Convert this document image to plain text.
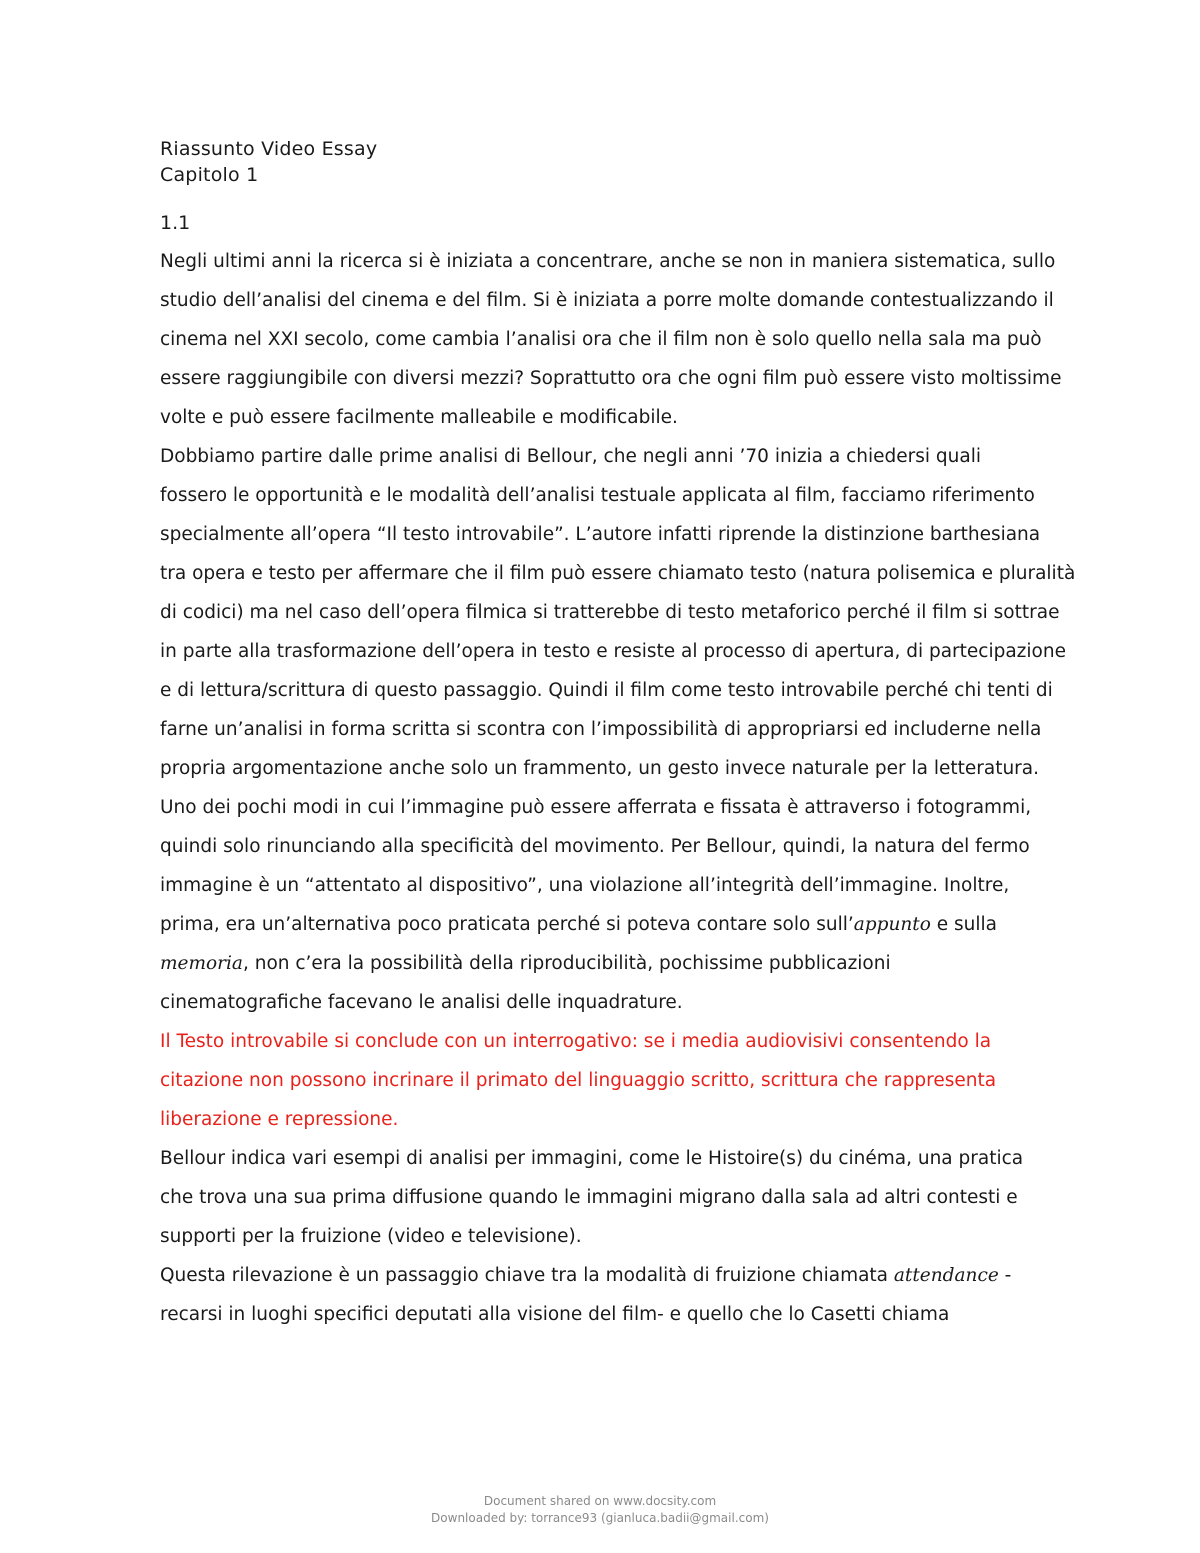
Riassunto Video Essay

Capitolo 1

1.1

Negli ultimi anni la ricerca si è iniziata a concentrare, anche se non in maniera sistematica, sullo
studio dell’analisi del cinema e del film. Si è iniziata a porre molte domande contestualizzando il
cinema nel XXI secolo, come cambia l’analisi ora che il film non è solo quello nella sala ma può
essere raggiungibile con diversi mezzi? Soprattutto ora che ogni film può essere visto moltissime
volte e può essere facilmente malleabile e modificabile.

Dobbiamo partire dalle prime analisi di Bellour, che negli anni ’70 inizia a chiedersi quali
fossero le opportunità e le modalità dell’analisi testuale applicata al film, facciamo riferimento
specialmente all’opera “Il testo introvabile”. L’autore infatti riprende la distinzione barthesiana
tra opera e testo per affermare che il film può essere chiamato testo (natura polisemica e pluralità
di codici) ma nel caso dell’opera filmica si tratterebbe di testo metaforico perché il film si sottrae
in parte alla trasformazione dell’opera in testo e resiste al processo di apertura, di partecipazione
e di lettura/scrittura di questo passaggio. Quindi il film come testo introvabile perché chi tenti di
farne un’analisi in forma scritta si scontra con l’impossibilità di appropriarsi ed includerne nella
propria argomentazione anche solo un frammento, un gesto invece naturale per la letteratura.

Uno dei pochi modi in cui l’immagine può essere afferrata e fissata è attraverso i fotogrammi,
quindi solo rinunciando alla specificità del movimento. Per Bellour, quindi, la natura del fermo
immagine è un “attentato al dispositivo”, una violazione all’integrità dell’immagine. Inoltre,
prima, era un’alternativa poco praticata perché si poteva contare solo sull’appunto e sulla
memoria, non c’era la possibilità della riproducibilità, pochissime pubblicazioni
cinematografiche facevano le analisi delle inquadrature.

Il Testo introvabile si conclude con un interrogativo: se i media audiovisivi consentendo la
citazione non possono incrinare il primato del linguaggio scritto, scrittura che rappresenta
liberazione e repressione.

Bellour indica vari esempi di analisi per immagini, come le Histoire(s) du cinéma, una pratica
che trova una sua prima diffusione quando le immagini migrano dalla sala ad altri contesti e
supporti per la fruizione (video e televisione).

Questa rilevazione è un passaggio chiave tra la modalità di fruizione chiamata attendance -
recarsi in luoghi specifici deputati alla visione del film- e quello che lo Casetti chiama

Document shared on www.docsity.com
Downloaded by: torrance93 (gianluca.badii@gmail.com)
